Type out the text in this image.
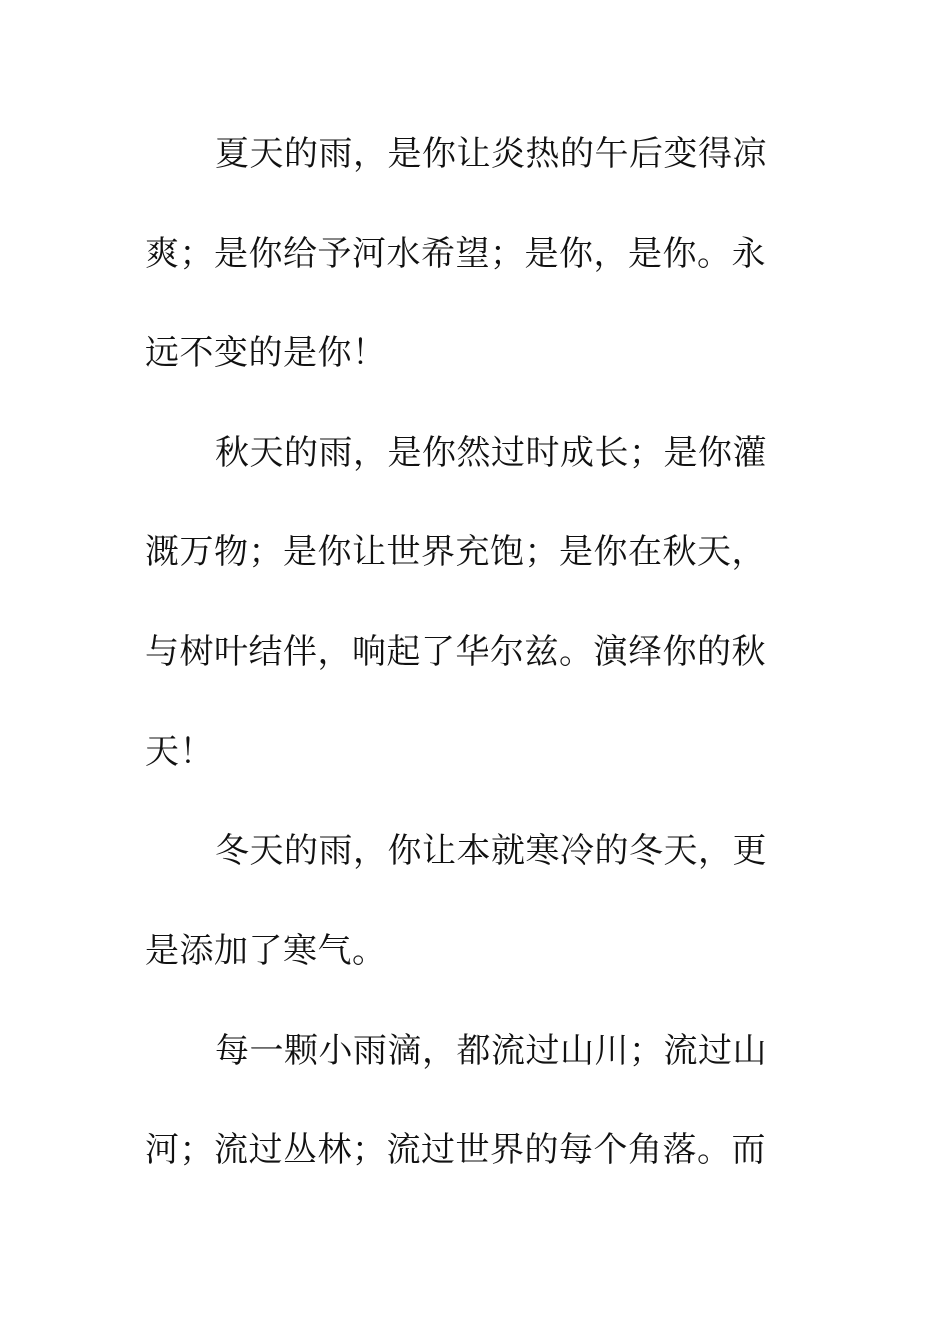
夏天的雨，是你让炎热的午后变得凉
爽；是你给予河水希望；是你，是你。永
远不变的是你！
秋天的雨，是你然过时成长；是你灌
溉万物；是你让世界充饱；是你在秋天，
与树叶结伴，响起了华尔兹。演绎你的秋
天！
冬天的雨，你让本就寒冷的冬天，更
是添加了寒气。
每一颗小雨滴，都流过山川；流过山
河；流过丛林；流过世界的每个角落。而
